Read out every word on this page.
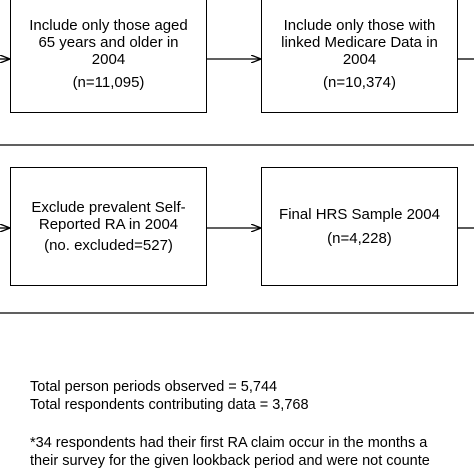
Include only those aged
65 years and older in
2004
(n=11,095)
Include only those with
linked Medicare Data in
2004
(n=10,374)
Exclude prevalent Self-
Reported RA in 2004
(no. excluded=527)
Final HRS Sample 2004
(n=4,228)
Total person periods observed = 5,744
Total respondents contributing data = 3,768
*34 respondents had their first RA claim occur in the months a
their survey for the given lookback period and were not counte
